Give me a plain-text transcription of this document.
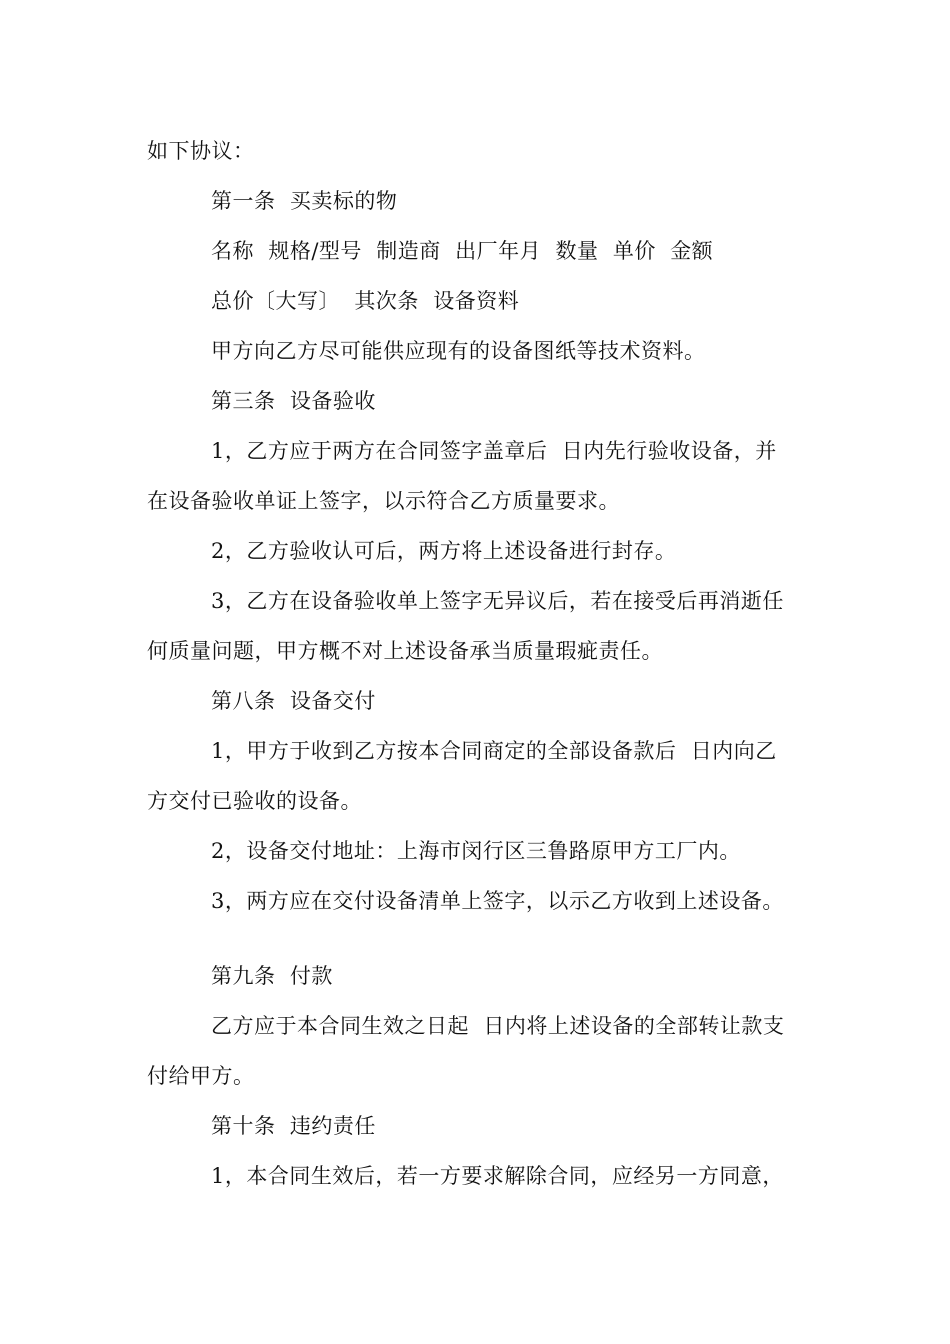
如下协议：
第一条  买卖标的物
名称  规格/型号  制造商  出厂年月  数量  单价  金额
总价〔大写〕  其次条  设备资料
甲方向乙方尽可能供应现有的设备图纸等技术资料。
第三条  设备验收
1，乙方应于两方在合同签字盖章后  日内先行验收设备，并
在设备验收单证上签字，以示符合乙方质量要求。
2，乙方验收认可后，两方将上述设备进行封存。
3，乙方在设备验收单上签字无异议后，若在接受后再消逝任
何质量问题，甲方概不对上述设备承当质量瑕疵责任。
第八条  设备交付
1，甲方于收到乙方按本合同商定的全部设备款后  日内向乙
方交付已验收的设备。
2，设备交付地址：上海市闵行区三鲁路原甲方工厂内。
3，两方应在交付设备清单上签字，以示乙方收到上述设备。
第九条  付款
乙方应于本合同生效之日起  日内将上述设备的全部转让款支
付给甲方。
第十条  违约责任
1，本合同生效后，若一方要求解除合同，应经另一方同意，
